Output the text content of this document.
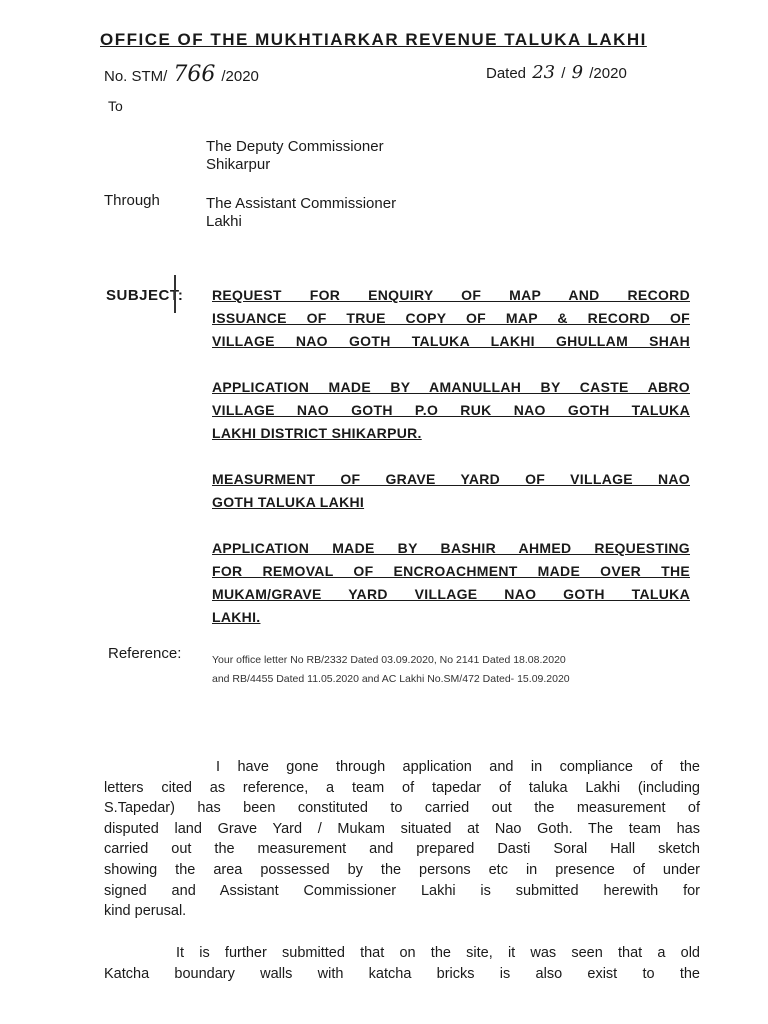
OFFICE OF THE MUKHTIARKAR REVENUE TALUKA LAKHI
No. STM/ 766 /2020	Dated 23 / 9 /2020
To
The Deputy Commissioner
Shikarpur
Through	The Assistant Commissioner
Lakhi
SUBJECT: REQUEST FOR ENQUIRY OF MAP AND RECORD
ISSUANCE OF TRUE COPY OF MAP & RECORD OF
VILLAGE NAO GOTH TALUKA LAKHI GHULLAM SHAH
APPLICATION MADE BY AMANULLAH BY CASTE ABRO
VILLAGE NAO GOTH P.O RUK NAO GOTH TALUKA
LAKHI DISTRICT SHIKARPUR.
MEASURMENT OF GRAVE YARD OF VILLAGE NAO
GOTH TALUKA LAKHI
APPLICATION MADE BY BASHIR AHMED REQUESTING
FOR REMOVAL OF ENCROACHMENT MADE OVER THE
MUKAM/GRAVE YARD VILLAGE NAO GOTH TALUKA
LAKHI.
Reference:	Your office letter No RB/2332 Dated 03.09.2020, No 2141 Dated 18.08.2020
and RB/4455 Dated 11.05.2020 and AC Lakhi No.SM/472 Dated- 15.09.2020
I have gone through application and in compliance of the
letters cited as reference, a team of tapedar of taluka Lakhi (including
S.Tapedar) has been constituted to carried out the measurement of
disputed land Grave Yard / Mukam situated at Nao Goth. The team has
carried out the measurement and prepared Dasti Soral Hall sketch
showing the area possessed by the persons etc in presence of under
signed and Assistant Commissioner Lakhi is submitted herewith for
kind perusal.
It is further submitted that on the site, it was seen that a old
Katcha boundary walls with katcha bricks is also exist to the
